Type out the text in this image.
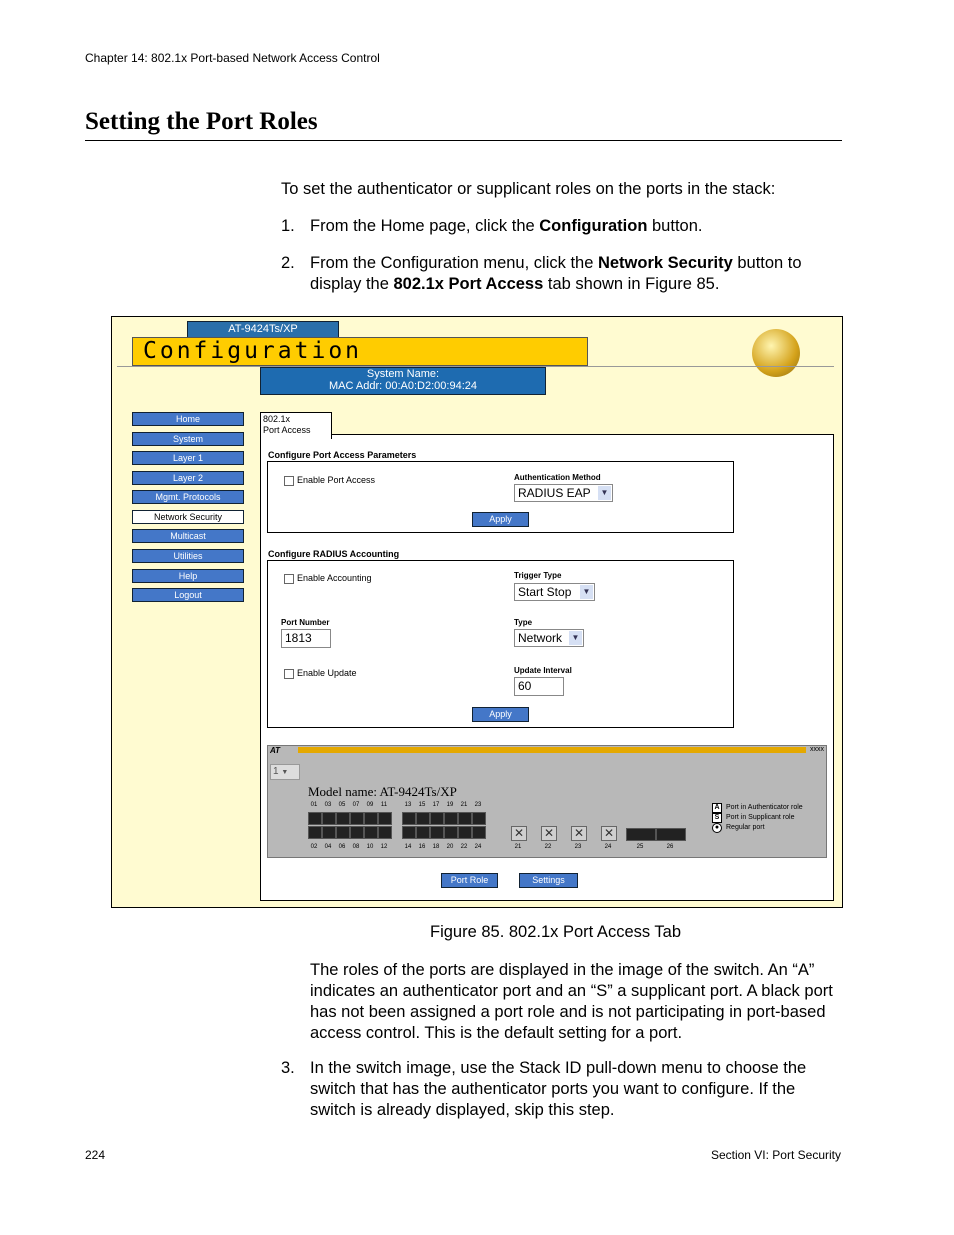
Chapter 14: 802.1x Port-based Network Access Control
Setting the Port Roles
To set the authenticator or supplicant roles on the ports in the stack:
1. From the Home page, click the Configuration button.
2. From the Configuration menu, click the Network Security button to display the 802.1x Port Access tab shown in Figure 85.
AT-9424Ts/XP
Configuration
System Name:
MAC Addr: 00:A0:D2:00:94:24
Home
System
Layer 1
Layer 2
Mgmt. Protocols
Network Security
Multicast
Utilities
Help
Logout
802.1x
Port Access
Configure Port Access Parameters
Enable Port Access	Authentication Method
RADIUS EAP	▼
Apply
Configure RADIUS Accounting
Enable Accounting	Trigger Type
Start Stop	▼
Port Number
1813
Type
Network	▼
Enable Update	Update Interval
60
Apply
AT	xxxx
1 ▼
Model name: AT-9424Ts/XP
01
02
03
04
05
06
07
08
09
10
11
12
13
14
15
16
17
18
19
20
21
22
23
24
✕
21
✕
22
✕
23
✕
24	25	26
A Port in Authenticator role
S Port in Supplicant role
● Regular port
Port Role	Settings
Figure 85. 802.1x Port Access Tab
The roles of the ports are displayed in the image of the switch. An “A” indicates an authenticator port and an “S” a supplicant port. A black port has not been assigned a port role and is not participating in port-based access control. This is the default setting for a port.
3. In the switch image, use the Stack ID pull-down menu to choose the switch that has the authenticator ports you want to configure. If the switch is already displayed, skip this step.
224	Section VI: Port Security
